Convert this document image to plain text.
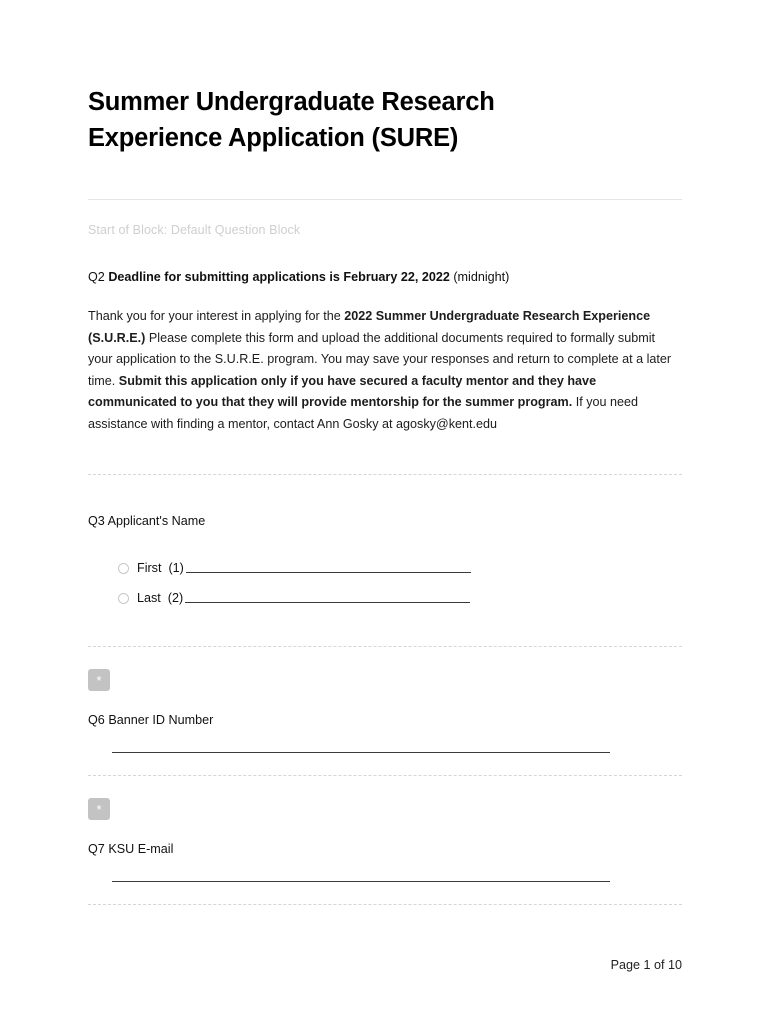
Summer Undergraduate Research Experience Application (SURE)
Start of Block: Default Question Block

Q2 Deadline for submitting applications is February 22, 2022 (midnight)

Thank you for your interest in applying for the 2022 Summer Undergraduate Research Experience (S.U.R.E.) Please complete this form and upload the additional documents required to formally submit your application to the S.U.R.E. program. You may save your responses and return to complete at a later time. Submit this application only if you have secured a faculty mentor and they have communicated to you that they will provide mentorship for the summer program. If you need assistance with finding a mentor, contact Ann Gosky at agosky@kent.edu

Q3 Applicant's Name

First  (1)
Last  (2)
*

Q6 Banner ID Number

*

Q7 KSU E-mail

Page 1 of 10
